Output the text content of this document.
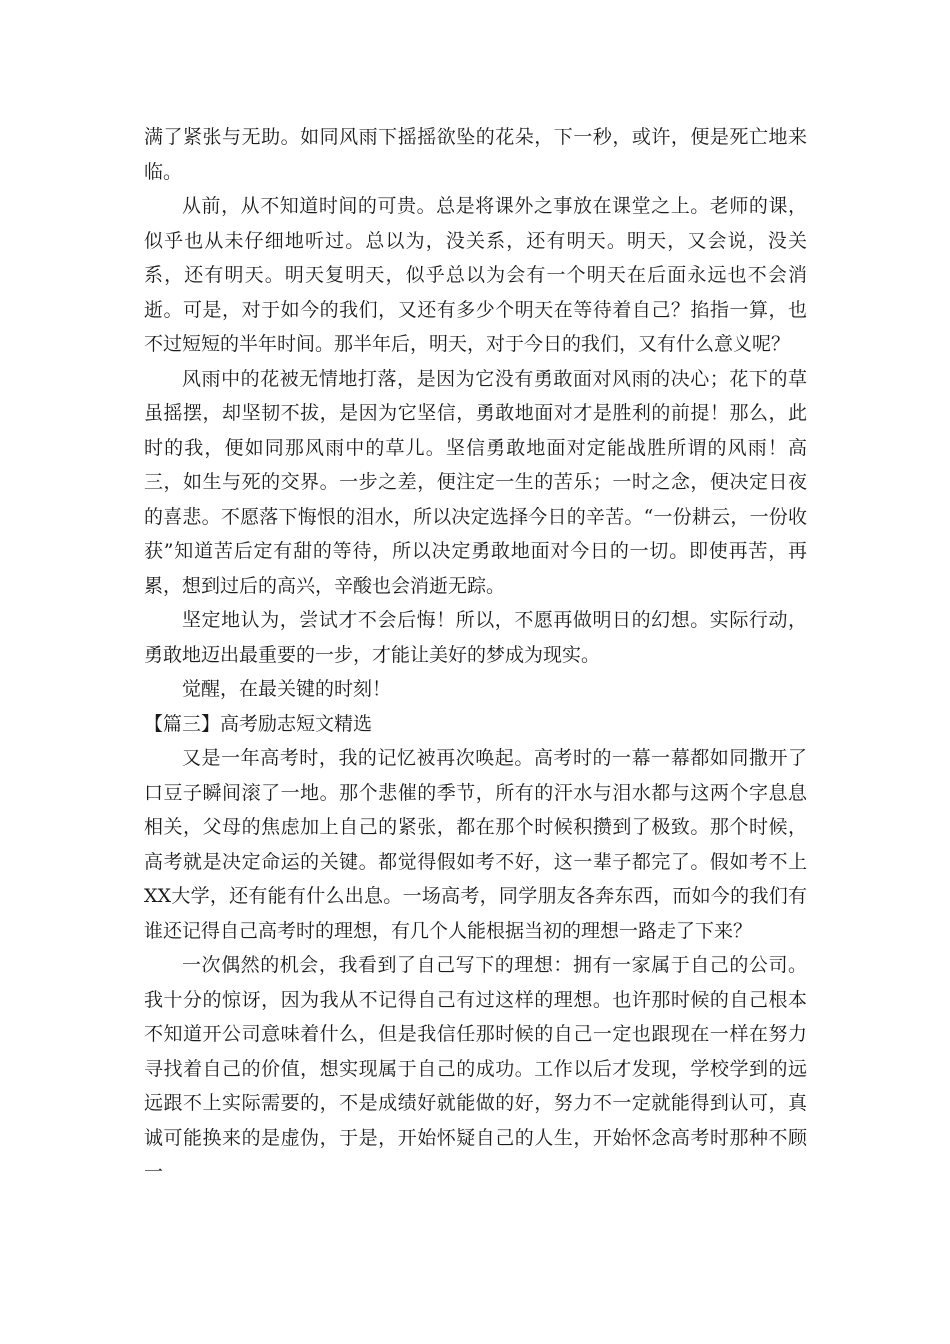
满了紧张与无助。如同风雨下摇摇欲坠的花朵，下一秒，或许，便是死亡地来临。

从前，从不知道时间的可贵。总是将课外之事放在课堂之上。老师的课，似乎也从未仔细地听过。总以为，没关系，还有明天。明天，又会说，没关系，还有明天。明天复明天，似乎总以为会有一个明天在后面永远也不会消逝。可是，对于如今的我们，又还有多少个明天在等待着自己？掐指一算，也不过短短的半年时间。那半年后，明天，对于今日的我们，又有什么意义呢？

风雨中的花被无情地打落，是因为它没有勇敢面对风雨的决心；花下的草虽摇摆，却坚韧不拔，是因为它坚信，勇敢地面对才是胜利的前提！那么，此时的我，便如同那风雨中的草儿。坚信勇敢地面对定能战胜所谓的风雨！高三，如生与死的交界。一步之差，便注定一生的苦乐；一时之念，便决定日夜的喜悲。不愿落下悔恨的泪水，所以决定选择今日的辛苦。“一份耕云，一份收获”知道苦后定有甜的等待，所以决定勇敢地面对今日的一切。即使再苦，再累，想到过后的高兴，辛酸也会消逝无踪。

坚定地认为，尝试才不会后悔！所以，不愿再做明日的幻想。实际行动，勇敢地迈出最重要的一步，才能让美好的梦成为现实。

觉醒，在最关键的时刻！

【篇三】高考励志短文精选

又是一年高考时，我的记忆被再次唤起。高考时的一幕一幕都如同撒开了口豆子瞬间滚了一地。那个悲催的季节，所有的汗水与泪水都与这两个字息息相关，父母的焦虑加上自己的紧张，都在那个时候积攒到了极致。那个时候，高考就是决定命运的关键。都觉得假如考不好，这一辈子都完了。假如考不上XX大学，还有能有什么出息。一场高考，同学朋友各奔东西，而如今的我们有谁还记得自己高考时的理想，有几个人能根据当初的理想一路走了下来？

一次偶然的机会，我看到了自己写下的理想：拥有一家属于自己的公司。我十分的惊讶，因为我从不记得自己有过这样的理想。也许那时候的自己根本不知道开公司意味着什么，但是我信任那时候的自己一定也跟现在一样在努力寻找着自己的价值，想实现属于自己的成功。工作以后才发现，学校学到的远远跟不上实际需要的，不是成绩好就能做的好，努力不一定就能得到认可，真诚可能换来的是虚伪，于是，开始怀疑自己的人生，开始怀念高考时那种不顾一
